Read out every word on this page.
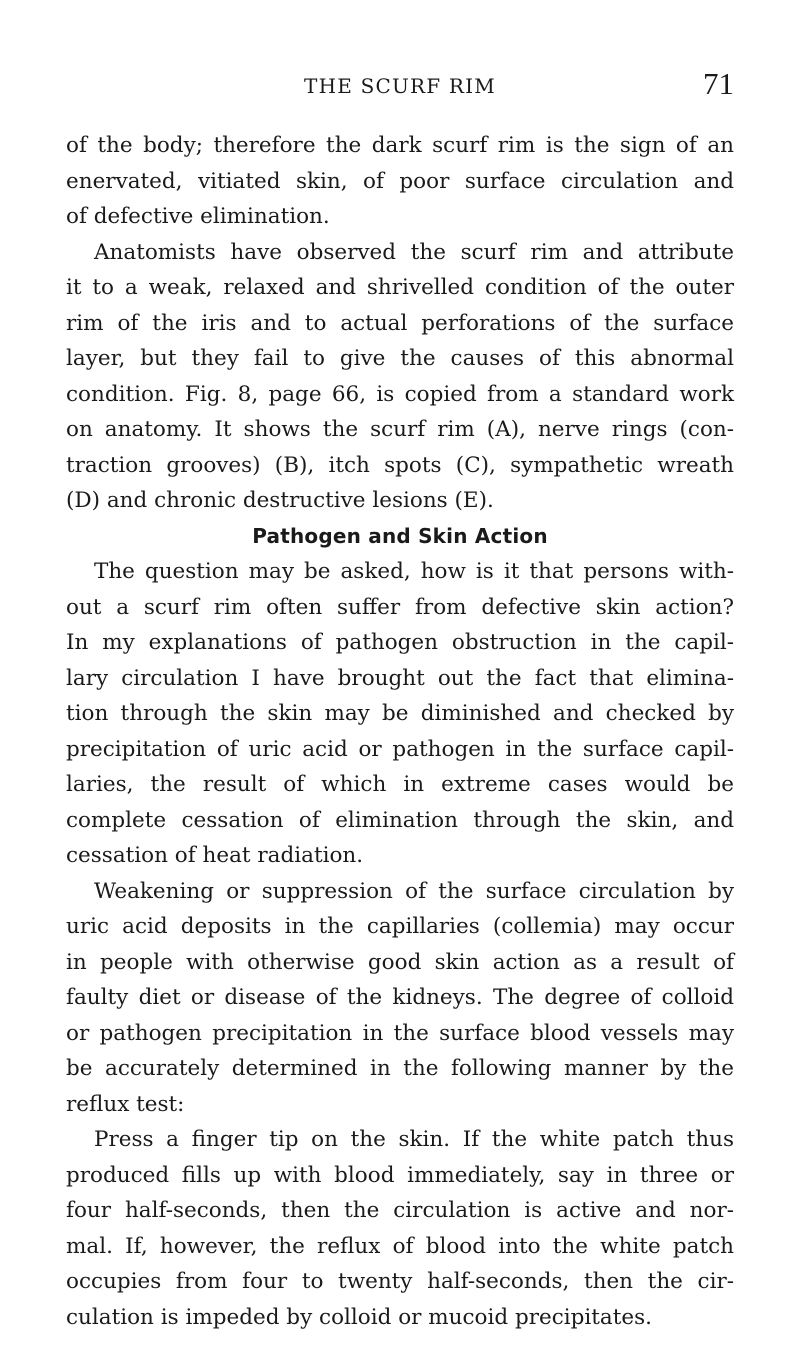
THE SCURF RIM	71
of the body; therefore the dark scurf rim is the sign of an
enervated, vitiated skin, of poor surface circulation and
of defective elimination.
Anatomists have observed the scurf rim and attribute
it to a weak, relaxed and shrivelled condition of the outer
rim of the iris and to actual perforations of the surface
layer, but they fail to give the causes of this abnormal
condition. Fig. 8, page 66, is copied from a standard work
on anatomy. It shows the scurf rim (A), nerve rings (con-
traction grooves) (B), itch spots (C), sympathetic wreath
(D) and chronic destructive lesions (E).
Pathogen and Skin Action
The question may be asked, how is it that persons with-
out a scurf rim often suffer from defective skin action?
In my explanations of pathogen obstruction in the capil-
lary circulation I have brought out the fact that elimina-
tion through the skin may be diminished and checked by
precipitation of uric acid or pathogen in the surface capil-
laries, the result of which in extreme cases would be
complete cessation of elimination through the skin, and
cessation of heat radiation.
Weakening or suppression of the surface circulation by
uric acid deposits in the capillaries (collemia) may occur
in people with otherwise good skin action as a result of
faulty diet or disease of the kidneys. The degree of colloid
or pathogen precipitation in the surface blood vessels may
be accurately determined in the following manner by the
reflux test:
Press a finger tip on the skin. If the white patch thus
produced fills up with blood immediately, say in three or
four half-seconds, then the circulation is active and nor-
mal. If, however, the reflux of blood into the white patch
occupies from four to twenty half-seconds, then the cir-
culation is impeded by colloid or mucoid precipitates.
